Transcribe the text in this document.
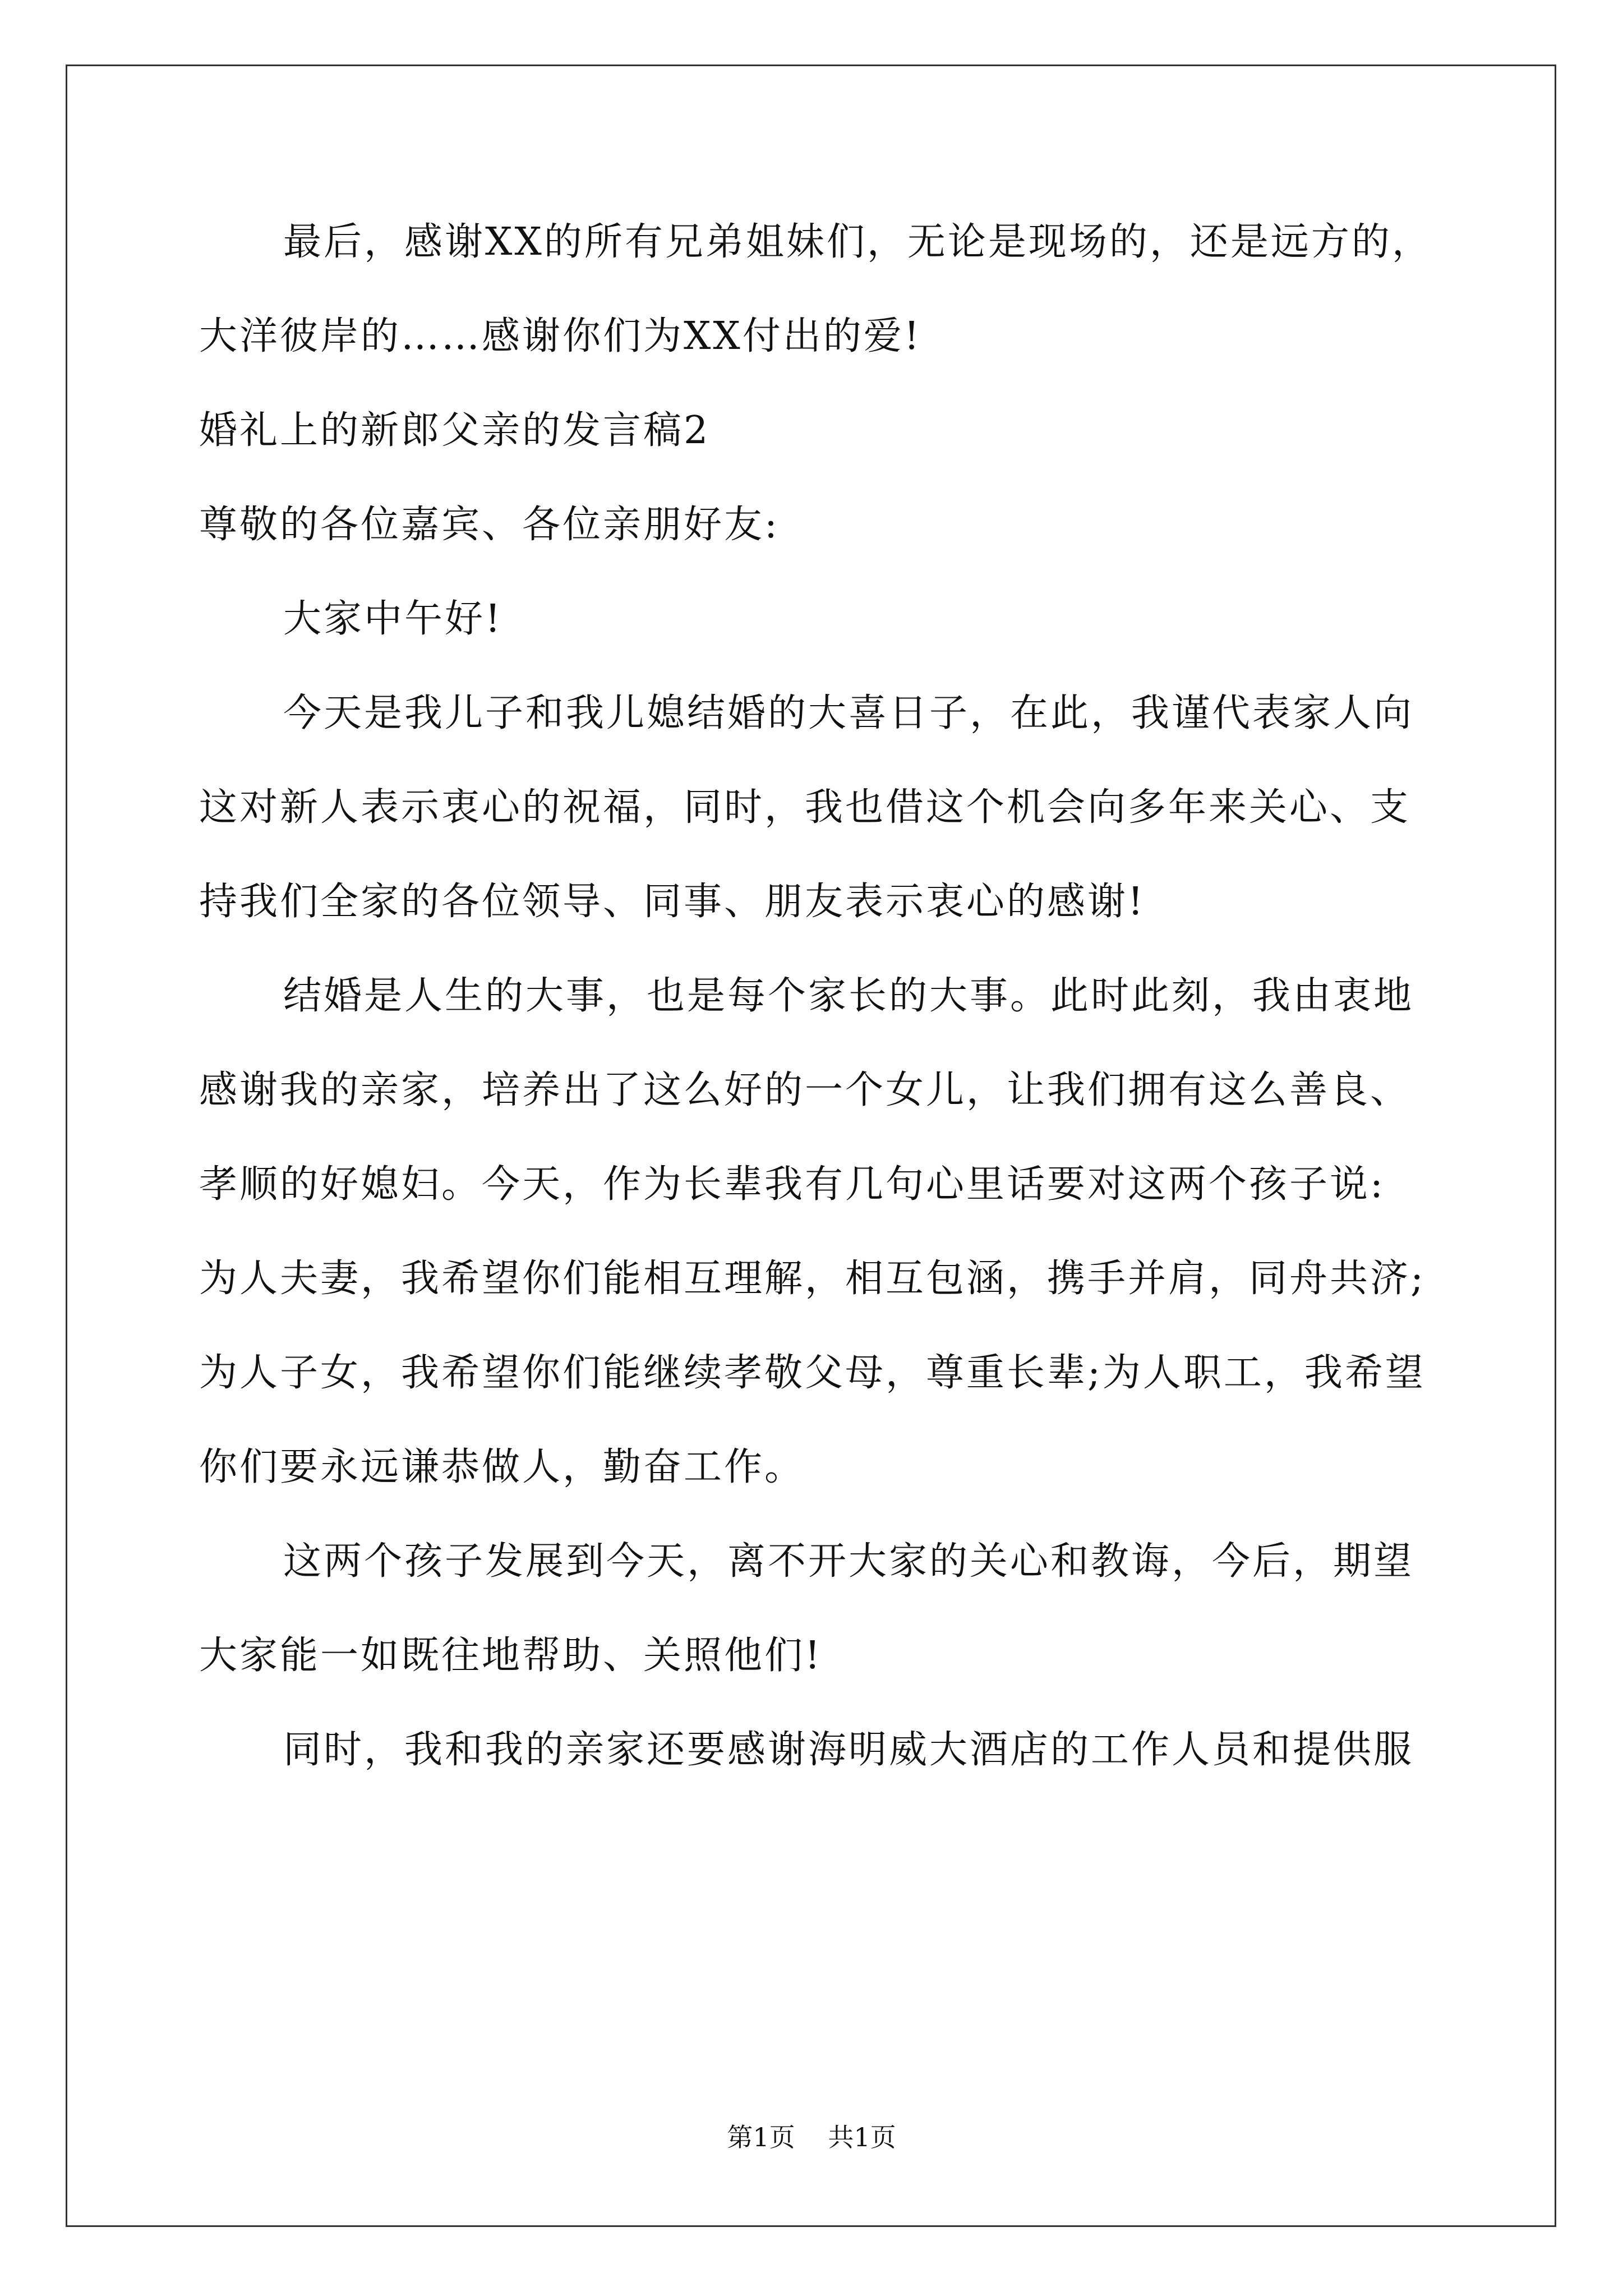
最后，感谢XX的所有兄弟姐妹们，无论是现场的，还是远方的，

大洋彼岸的……感谢你们为XX付出的爱!

婚礼上的新郎父亲的发言稿2

尊敬的各位嘉宾、各位亲朋好友:

大家中午好!

今天是我儿子和我儿媳结婚的大喜日子，在此，我谨代表家人向

这对新人表示衷心的祝福，同时，我也借这个机会向多年来关心、支

持我们全家的各位领导、同事、朋友表示衷心的感谢!

结婚是人生的大事，也是每个家长的大事。此时此刻，我由衷地

感谢我的亲家，培养出了这么好的一个女儿，让我们拥有这么善良、

孝顺的好媳妇。今天，作为长辈我有几句心里话要对这两个孩子说:

为人夫妻，我希望你们能相互理解，相互包涵，携手并肩，同舟共济;

为人子女，我希望你们能继续孝敬父母，尊重长辈;为人职工，我希望

你们要永远谦恭做人，勤奋工作。

这两个孩子发展到今天，离不开大家的关心和教诲，今后，期望

大家能一如既往地帮助、关照他们!

同时，我和我的亲家还要感谢海明威大酒店的工作人员和提供服

第1页 共1页
